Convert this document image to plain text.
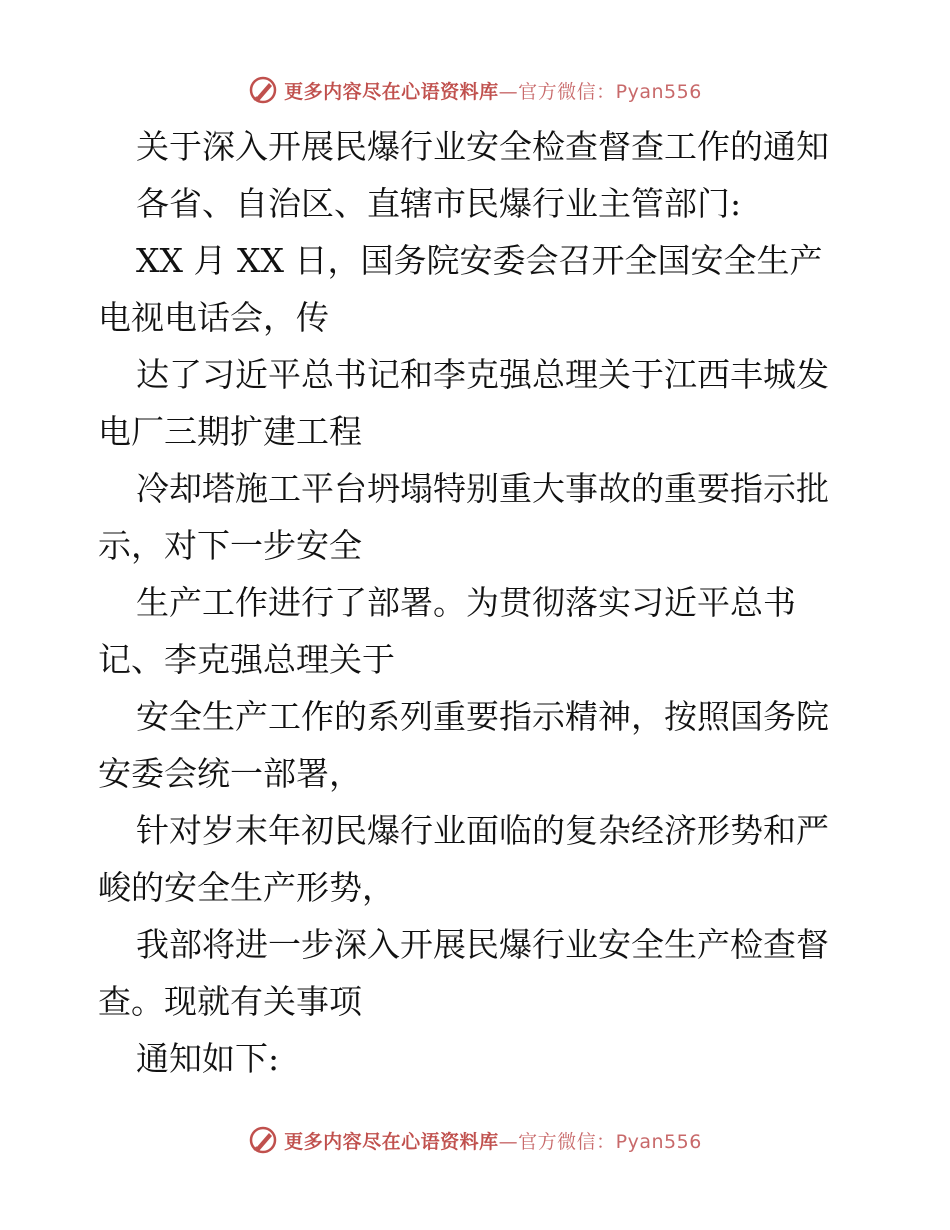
更多内容尽在心语资料库—官方微信：Pyan556
关于深入开展民爆行业安全检查督查工作的通知
各省、自治区、直辖市民爆行业主管部门:
XX 月 XX 日，国务院安委会召开全国安全生产
电视电话会，传
达了习近平总书记和李克强总理关于江西丰城发
电厂三期扩建工程
冷却塔施工平台坍塌特别重大事故的重要指示批
示，对下一步安全
生产工作进行了部署。为贯彻落实习近平总书
记、李克强总理关于
安全生产工作的系列重要指示精神，按照国务院
安委会统一部署，
针对岁末年初民爆行业面临的复杂经济形势和严
峻的安全生产形势，
我部将进一步深入开展民爆行业安全生产检查督
查。现就有关事项
通知如下:
更多内容尽在心语资料库—官方微信：Pyan556
